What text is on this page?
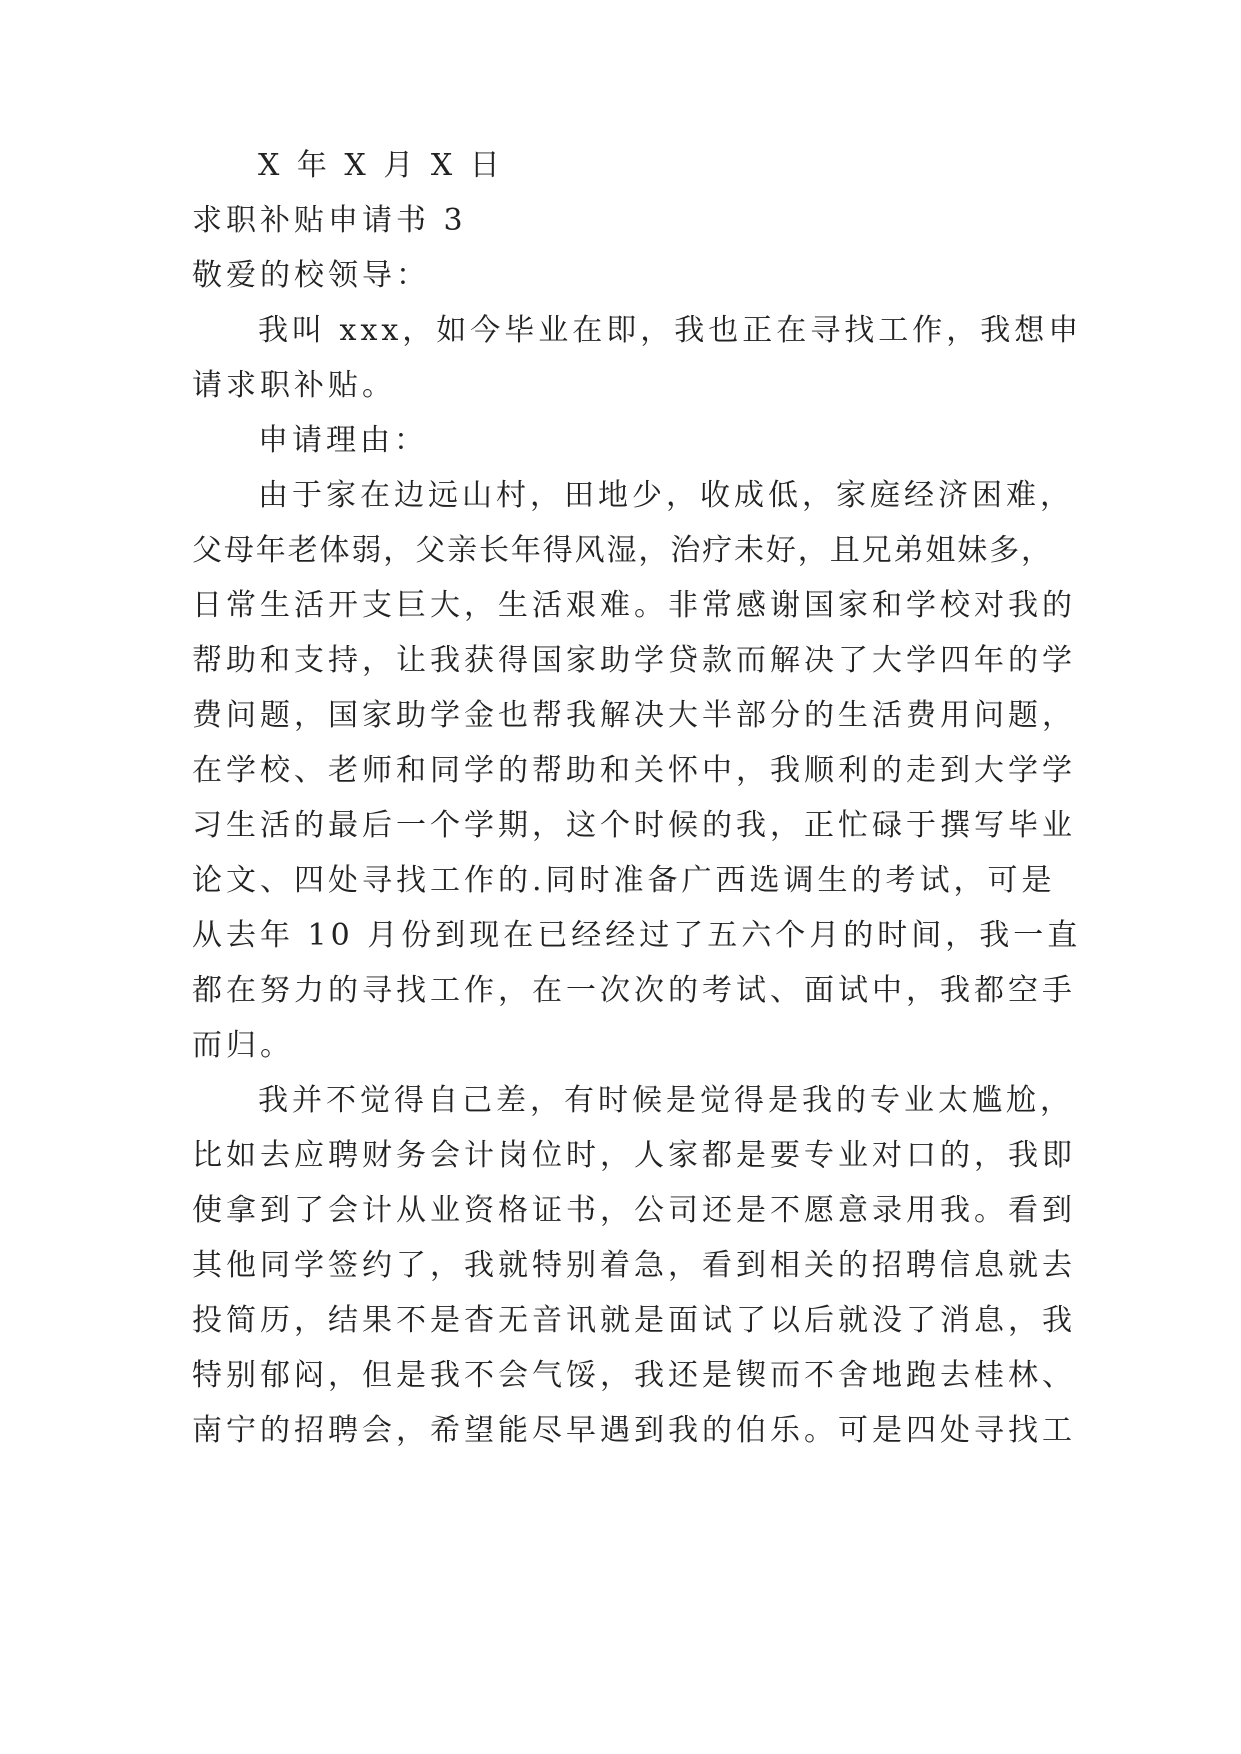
X 年 X 月 X 日
求职补贴申请书 3
敬爱的校领导：
我叫 xxx，如今毕业在即，我也正在寻找工作，我想申
请求职补贴。
申请理由：
由于家在边远山村，田地少，收成低，家庭经济困难，
父母年老体弱，父亲长年得风湿，治疗未好，且兄弟姐妹多，
日常生活开支巨大，生活艰难。非常感谢国家和学校对我的
帮助和支持，让我获得国家助学贷款而解决了大学四年的学
费问题，国家助学金也帮我解决大半部分的生活费用问题，
在学校、老师和同学的帮助和关怀中，我顺利的走到大学学
习生活的最后一个学期，这个时候的我，正忙碌于撰写毕业
论文、四处寻找工作的.同时准备广西选调生的考试，可是
从去年 10 月份到现在已经经过了五六个月的时间，我一直
都在努力的寻找工作，在一次次的考试、面试中，我都空手
而归。
我并不觉得自己差，有时候是觉得是我的专业太尴尬，
比如去应聘财务会计岗位时，人家都是要专业对口的，我即
使拿到了会计从业资格证书，公司还是不愿意录用我。看到
其他同学签约了，我就特别着急，看到相关的招聘信息就去
投简历，结果不是杳无音讯就是面试了以后就没了消息，我
特别郁闷，但是我不会气馁，我还是锲而不舍地跑去桂林、
南宁的招聘会，希望能尽早遇到我的伯乐。可是四处寻找工
